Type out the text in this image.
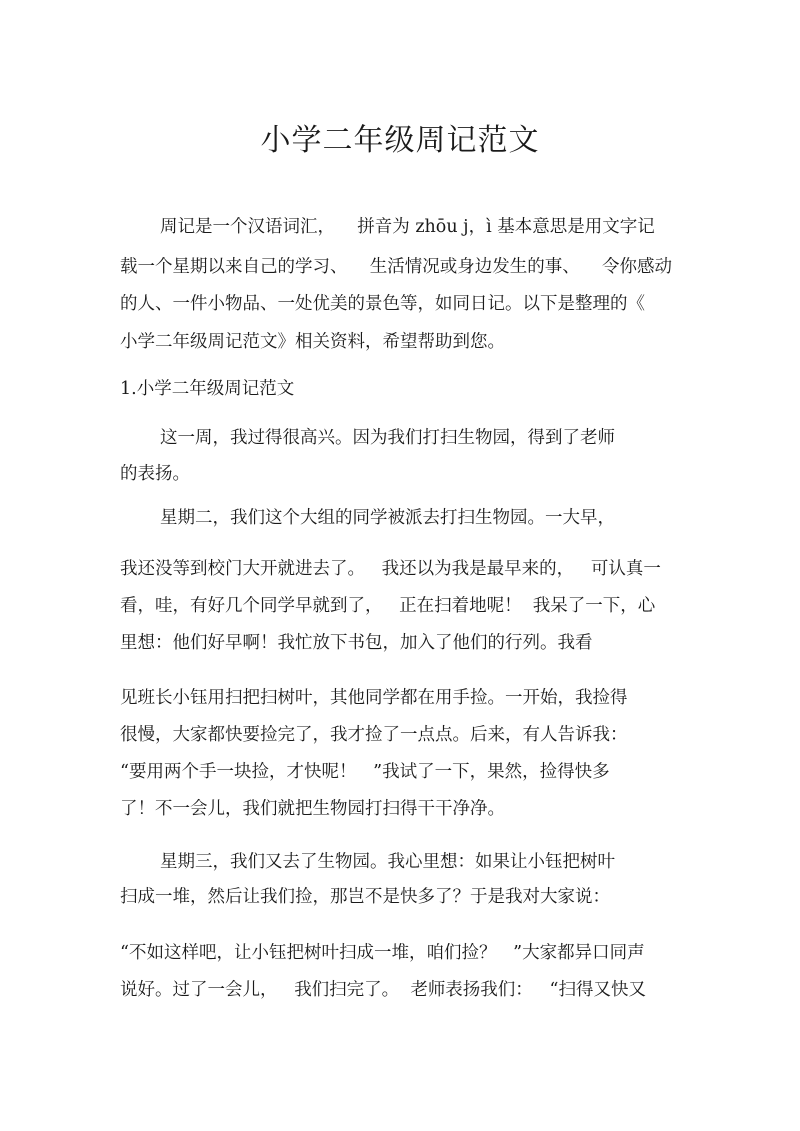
小学二年级周记范文
周记是一个汉语词汇，    拼音为 zhōu j，ì 基本意思是用文字记
载一个星期以来自己的学习、    生活情况或身边发生的事、    令你感动
的人、一件小物品、一处优美的景色等，如同日记。以下是整理的《
小学二年级周记范文》相关资料，希望帮助到您。
1.小学二年级周记范文
这一周，我过得很高兴。因为我们打扫生物园，得到了老师
的表扬。
星期二，我们这个大组的同学被派去打扫生物园。一大早，
我还没等到校门大开就进去了。   我还以为我是最早来的，   可认真一
看，哇，有好几个同学早就到了，   正在扫着地呢！  我呆了一下，心
里想：他们好早啊！我忙放下书包，加入了他们的行列。我看
见班长小钰用扫把扫树叶，其他同学都在用手捡。一开始，我捡得
很慢，大家都快要捡完了，我才捡了一点点。后来，有人告诉我：
“要用两个手一块捡，才快呢！   ”我试了一下，果然，捡得快多
了！不一会儿，我们就把生物园打扫得干干净净。
星期三，我们又去了生物园。我心里想：如果让小钰把树叶
扫成一堆，然后让我们捡，那岂不是快多了？于是我对大家说：
“不如这样吧，让小钰把树叶扫成一堆，咱们捡？   ”大家都异口同声
说好。过了一会儿，   我们扫完了。  老师表扬我们：   “扫得又快又
